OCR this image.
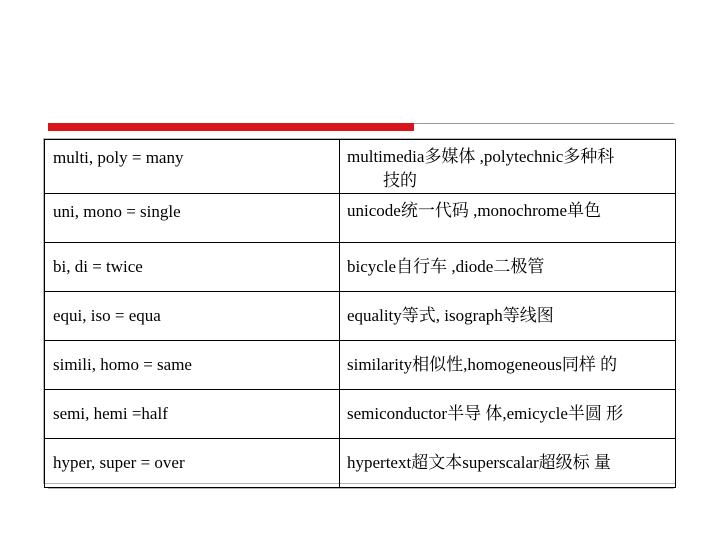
multi, poly = many	multimedia多媒体 ,polytechnic多种科
技的

uni, mono = single	unicode统一代码 ,monochrome单色

bi, di = twice	bicycle自行车 ,diode二极管

equi, iso = equa	equality等式, isograph等线图

simili, homo = same	similarity相似性,homogeneous同样 的

semi, hemi =half	semiconductor半导 体,emicycle半圆 形

hyper, super = over	hypertext超文本superscalar超级标 量
